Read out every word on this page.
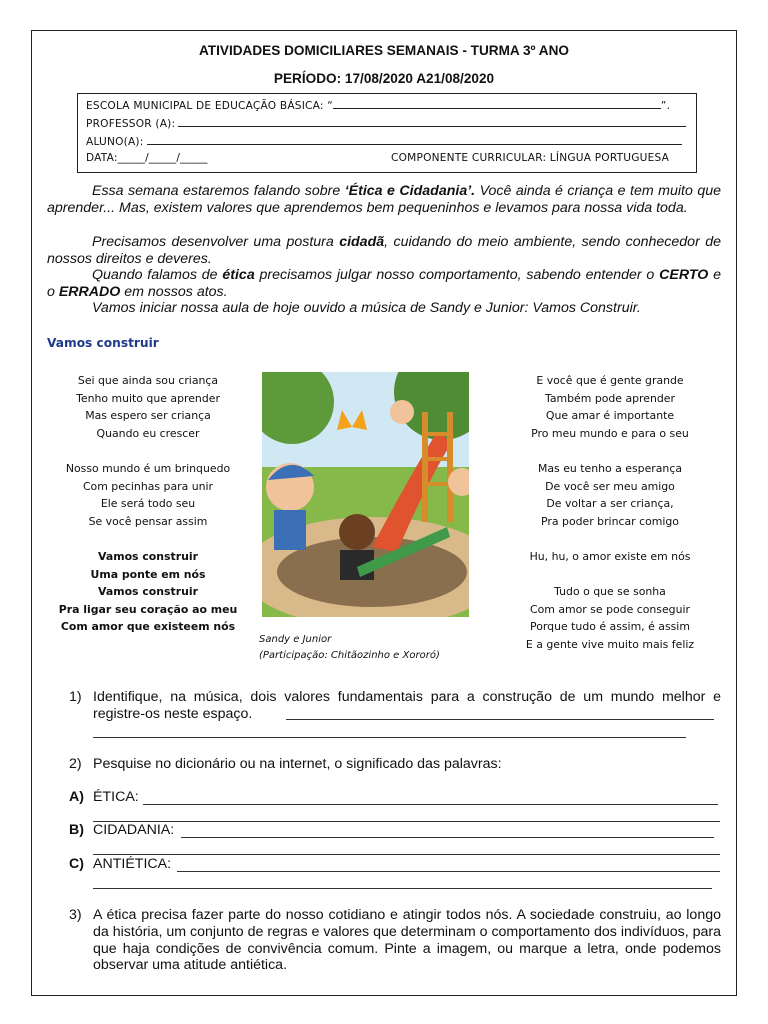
ATIVIDADES DOMICILIARES SEMANAIS - TURMA 3º ANO
PERÍODO: 17/08/2020 A21/08/2020
ESCOLA MUNICIPAL DE EDUCAÇÃO BÁSICA: “	”.
PROFESSOR (A):
ALUNO(A):
DATA:_____/_____/_____	COMPONENTE CURRICULAR: LÍNGUA PORTUGUESA
Essa semana estaremos falando sobre ‘Ética e Cidadania’. Você ainda é criança e tem muito que aprender... Mas, existem valores que aprendemos bem pequeninhos e levamos para nossa vida toda.
Precisamos desenvolver uma postura cidadã, cuidando do meio ambiente, sendo conhecedor de nossos direitos e deveres.
Quando falamos de ética precisamos julgar nosso comportamento, sabendo entender o CERTO e o ERRADO em nossos atos.
Vamos iniciar nossa aula de hoje ouvido a música de Sandy e Junior: Vamos Construir.
Vamos construir
Sei que ainda sou criança
Tenho muito que aprender
Mas espero ser criança
Quando eu crescer
Nosso mundo é um brinquedo
Com pecinhas para unir
Ele será todo seu
Se você pensar assim
Vamos construir
Uma ponte em nós
Vamos construir
Pra ligar seu coração ao meu
Com amor que existeem nós
E você que é gente grande
Também pode aprender
Que amar é importante
Pro meu mundo e para o seu
Mas eu tenho a esperança
De você ser meu amigo
De voltar a ser criança,
Pra poder brincar comigo
Hu, hu, o amor existe em nós
Tudo o que se sonha
Com amor se pode conseguir
Porque tudo é assim, é assim
E a gente vive muito mais feliz
Sandy e Junior
(Participação: Chitãozinho e Xororó)
1) Identifique, na música, dois valores fundamentais para a construção de um mundo melhor e registre-os neste espaço.
2) Pesquise no dicionário ou na internet, o significado das palavras:
A) ÉTICA:
B) CIDADANIA:
C) ANTIÉTICA:
3) A ética precisa fazer parte do nosso cotidiano e atingir todos nós. A sociedade construiu, ao longo da história, um conjunto de regras e valores que determinam o comportamento dos indivíduos, para que haja condições de convivência comum. Pinte a imagem, ou marque a letra, onde podemos observar uma atitude antiética.
